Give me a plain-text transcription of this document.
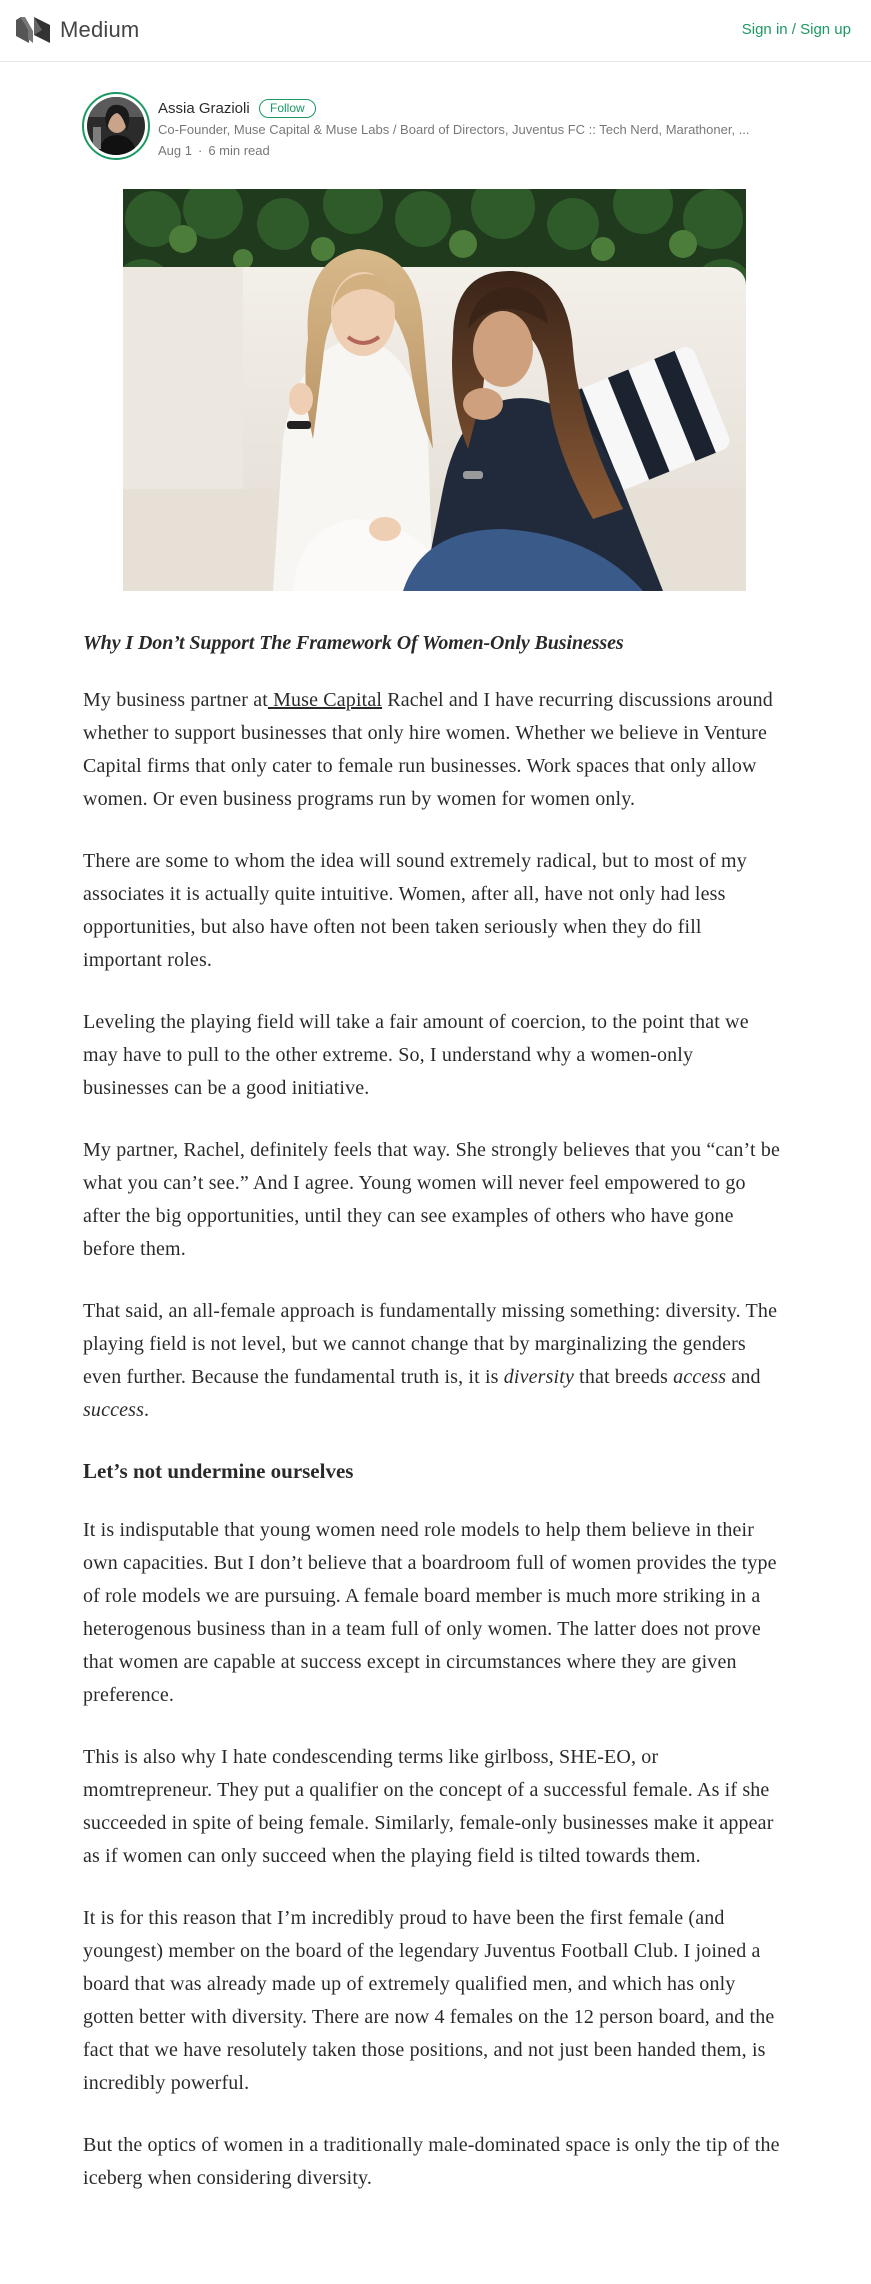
Medium	Sign in / Sign up
Assia Grazioli	Follow
Co-Founder, Muse Capital & Muse Labs / Board of Directors, Juventus FC :: Tech Nerd, Marathoner, ...
Aug 1 · 6 min read
Why I Don’t Support The Framework Of Women-Only Businesses

My business partner at Muse Capital Rachel and I have recurring discussions around whether to support businesses that only hire women. Whether we believe in Venture Capital firms that only cater to female run businesses. Work spaces that only allow women. Or even business programs run by women for women only.

There are some to whom the idea will sound extremely radical, but to most of my associates it is actually quite intuitive. Women, after all, have not only had less opportunities, but also have often not been taken seriously when they do fill important roles.

Leveling the playing field will take a fair amount of coercion, to the point that we may have to pull to the other extreme. So, I understand why a women-only businesses can be a good initiative.

My partner, Rachel, definitely feels that way. She strongly believes that you “can’t be what you can’t see.” And I agree. Young women will never feel empowered to go after the big opportunities, until they can see examples of others who have gone before them.

That said, an all-female approach is fundamentally missing something: diversity. The playing field is not level, but we cannot change that by marginalizing the genders even further. Because the fundamental truth is, it is diversity that breeds access and success.

Let’s not undermine ourselves

It is indisputable that young women need role models to help them believe in their own capacities. But I don’t believe that a boardroom full of women provides the type of role models we are pursuing. A female board member is much more striking in a heterogenous business than in a team full of only women. The latter does not prove that women are capable at success except in circumstances where they are given preference.

This is also why I hate condescending terms like girlboss, SHE-EO, or momtrepreneur. They put a qualifier on the concept of a successful female. As if she succeeded in spite of being female. Similarly, female-only businesses make it appear as if women can only succeed when the playing field is tilted towards them.

It is for this reason that I’m incredibly proud to have been the first female (and youngest) member on the board of the legendary Juventus Football Club. I joined a board that was already made up of extremely qualified men, and which has only gotten better with diversity. There are now 4 females on the 12 person board, and the fact that we have resolutely taken those positions, and not just been handed them, is incredibly powerful.

But the optics of women in a traditionally male-dominated space is only the tip of the iceberg when considering diversity.
